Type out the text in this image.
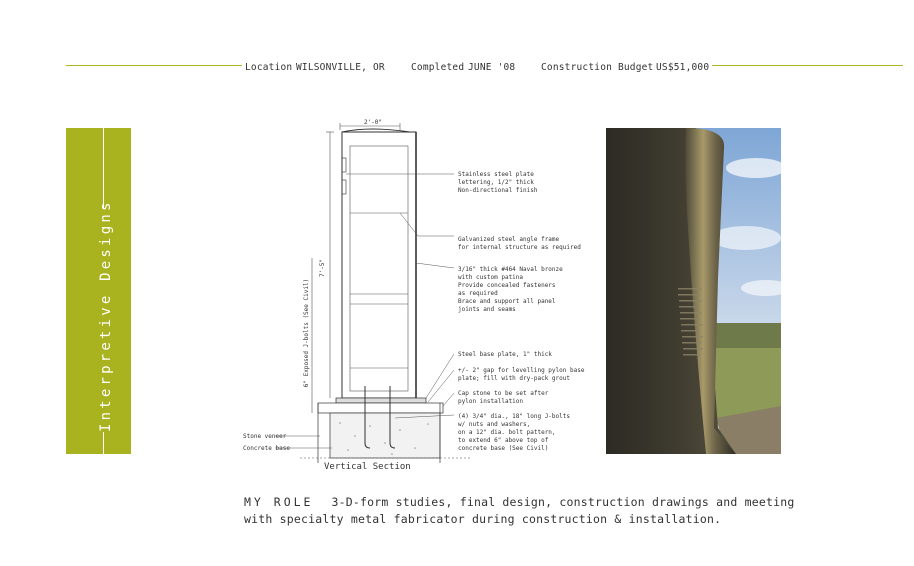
Location WILSONVILLE, OR	Completed JUNE '08	Construction Budget US$51,000
Interpretive Designs
2'-0"
7'-5"
6" Exposed J-bolts (See Civil)
Stainless steel plate lettering, 1/2" thick Non-directional finish
Galvanized steel angle frame for internal structure as required
3/16" thick #464 Naval bronze with custom patina Provide concealed fasteners as required Brace and support all panel joints and seams
Steel base plate, 1" thick
+/- 2" gap for levelling pylon base plate; fill with dry-pack grout
Cap stone to be set after pylon installation
(4) 3/4" dia., 18" long J-bolts w/ nuts and washers, on a 12" dia. bolt pattern, to extend 6" above top of concrete base (See Civil)
Stone veneer
Concrete base
Vertical Section
MY ROLE 3-D-form studies, final design, construction drawings and meeting
with specialty metal fabricator during construction & installation.
